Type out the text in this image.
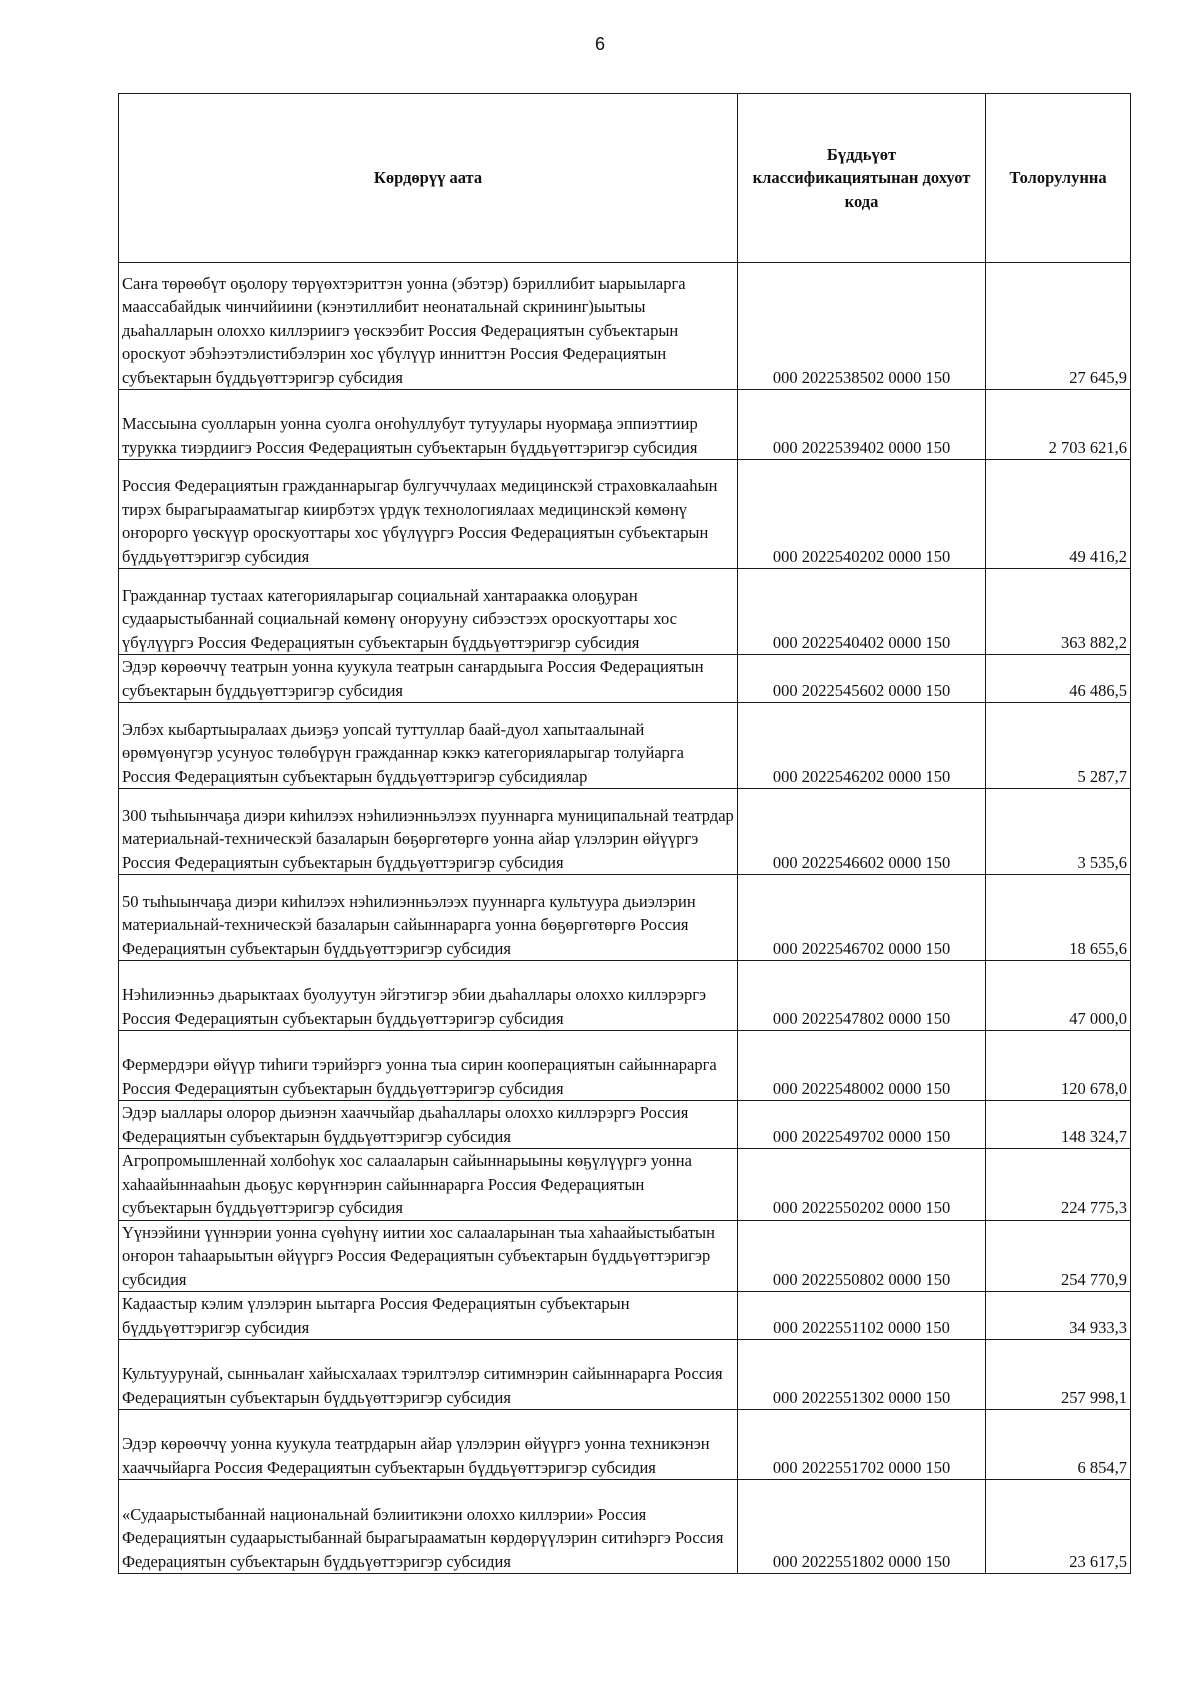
6
Көрдөрүү аата	Бүддьүөт классификациятынан дохуот кода	Толорулунна
Саҥа төрөөбүт оҕолору төрүөхтэриттэн уонна (эбэтэр) бэриллибит ыарыыларга маассабайдык чинчийиини (кэнэтиллибит неонатальнай скрининг)ыытыы дьаһалларын олоххо киллэриигэ үөскээбит Россия Федерациятын субъектарын ороскуот эбэһээтэлистибэлэрин хос үбүлүүр инниттэн Россия Федерациятын субъектарын бүддьүөттэригэр субсидия	000 2022538502 0000 150	27 645,9
Массыына суолларын уонна суолга оҥоһуллубут тутуулары нуормаҕа эппиэттиир турукка тиэрдиигэ Россия Федерациятын субъектарын бүддьүөттэригэр субсидия	000 2022539402 0000 150	2 703 621,6
Россия Федерациятын гражданнарыгар булгуччулаах медицинскэй страховкалааһын тирэх бырагырааматыгар киирбэтэх үрдүк технологиялаах медицинскэй көмөнү оҥорорго үөскүүр ороскуоттары хос үбүлүүргэ Россия Федерациятын субъектарын бүддьүөттэригэр субсидия	000 2022540202 0000 150	49 416,2
Гражданнар тустаах категорияларыгар социальнай хантараакка олоҕуран судаарыстыбаннай социальнай көмөнү оҥорууну сибээстээх ороскуоттары хос үбүлүүргэ Россия Федерациятын субъектарын бүддьүөттэригэр субсидия	000 2022540402 0000 150	363 882,2
Эдэр көрөөччү театрын уонна куукула театрын саҥардыыга Россия Федерациятын субъектарын бүддьүөттэригэр субсидия	000 2022545602 0000 150	46 486,5
Элбэх кыбартыыралаах дьиэҕэ уопсай туттуллар баай-дуол хапытаалынай өрөмүөнүгэр усунуос төлөбүрүн гражданнар кэккэ категорияларыгар толуйарга Россия Федерациятын субъектарын бүддьүөттэригэр субсидиялар	000 2022546202 0000 150	5 287,7
300 тыһыынчаҕа диэри киһилээх нэһилиэнньэлээх пууннарга муниципальнай театрдар материальнай-техническэй базаларын бөҕөргөтөргө уонна айар үлэлэрин өйүүргэ Россия Федерациятын субъектарын бүддьүөттэригэр субсидия	000 2022546602 0000 150	3 535,6
50 тыһыынчаҕа диэри киһилээх нэһилиэнньэлээх пууннарга культуура дьиэлэрин материальнай-техническэй базаларын сайыннарарга уонна бөҕөргөтөргө Россия Федерациятын субъектарын бүддьүөттэригэр субсидия	000 2022546702 0000 150	18 655,6
Нэһилиэнньэ дьарыктаах буолуутун эйгэтигэр эбии дьаһаллары олоххо киллэрэргэ Россия Федерациятын субъектарын бүддьүөттэригэр субсидия	000 2022547802 0000 150	47 000,0
Фермердэри өйүүр тиһиги тэрийэргэ уонна тыа сирин кооперациятын сайыннарарга Россия Федерациятын субъектарын бүддьүөттэригэр субсидия	000 2022548002 0000 150	120 678,0
Эдэр ыаллары олорор дьиэнэн хааччыйар дьаһаллары олоххо киллэрэргэ Россия Федерациятын субъектарын бүддьүөттэригэр субсидия	000 2022549702 0000 150	148 324,7
Агропромышленнай холбоһук хос салааларын сайыннарыыны көҕүлүүргэ уонна хаһаайыннааһын дьоҕус көрүҥнэрин сайыннарарга Россия Федерациятын субъектарын бүддьүөттэригэр субсидия	000 2022550202 0000 150	224 775,3
Үүнээйини үүннэрии уонна сүөһүнү иитии хос салааларынан тыа хаһаайыстыбатын оҥорон таһаарыытын өйүүргэ Россия Федерациятын субъектарын бүддьүөттэригэр субсидия	000 2022550802 0000 150	254 770,9
Кадаастыр кэлим үлэлэрин ыытарга Россия Федерациятын субъектарын бүддьүөттэригэр субсидия	000 2022551102 0000 150	34 933,3
Культуурунай, сынньалаҥ хайысхалаах тэрилтэлэр ситимнэрин сайыннарарга Россия Федерациятын субъектарын бүддьүөттэригэр субсидия	000 2022551302 0000 150	257 998,1
Эдэр көрөөччү уонна куукула театрдарын айар үлэлэрин өйүүргэ уонна техникэнэн хааччыйарга Россия Федерациятын субъектарын бүддьүөттэригэр субсидия	000 2022551702 0000 150	6 854,7
«Судаарыстыбаннай национальнай бэлиитикэни олоххо киллэрии» Россия Федерациятын судаарыстыбаннай бырагырааматын көрдөрүүлэрин ситиһэргэ Россия Федерациятын субъектарын бүддьүөттэригэр субсидия	000 2022551802 0000 150	23 617,5
